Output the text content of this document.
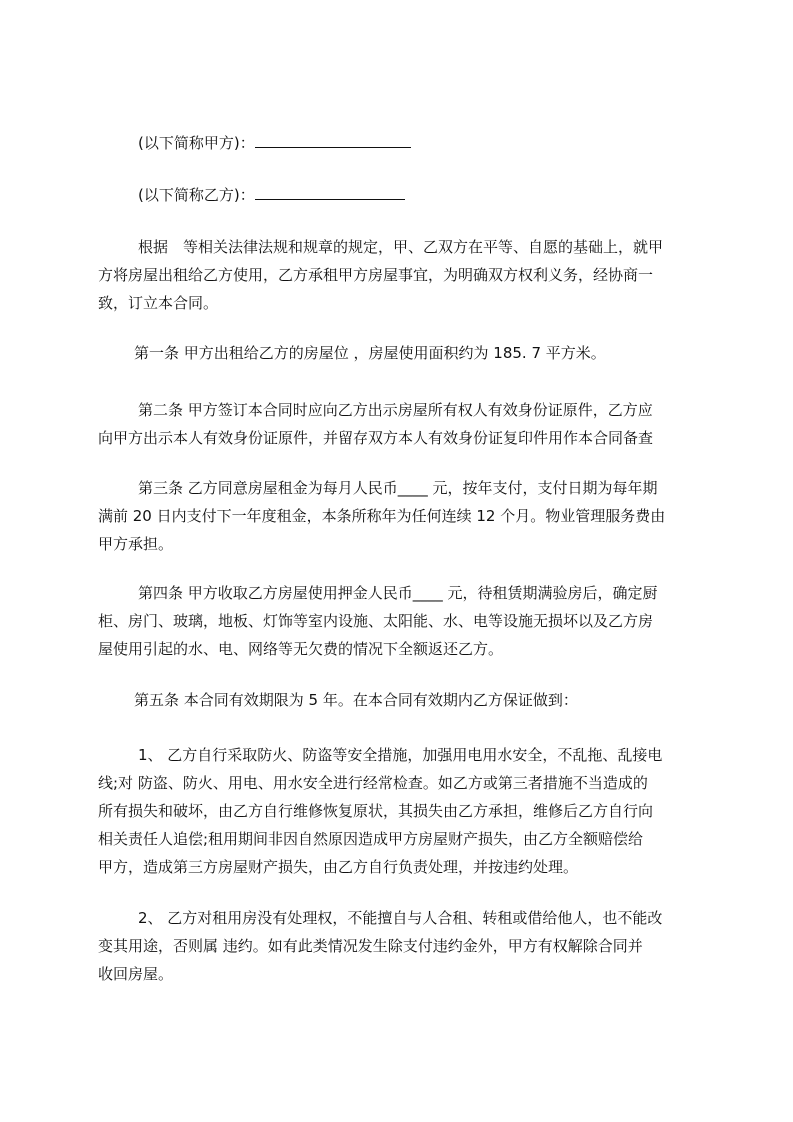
(以下简称甲方)：
(以下简称乙方)：
根据　等相关法律法规和规章的规定，甲、乙双方在平等、自愿的基础上，就甲
方将房屋出租给乙方使用，乙方承租甲方房屋事宜，为明确双方权利义务，经协商一
致，订立本合同。
第一条 甲方出租给乙方的房屋位 ，房屋使用面积约为 185. 7 平方米。
第二条 甲方签订本合同时应向乙方出示房屋所有权人有效身份证原件，乙方应
向甲方出示本人有效身份证原件，并留存双方本人有效身份证复印件用作本合同备查
第三条 乙方同意房屋租金为每月人民币____ 元，按年支付，支付日期为每年期
满前 20 日内支付下一年度租金，本条所称年为任何连续 12 个月。物业管理服务费由
甲方承担。
第四条 甲方收取乙方房屋使用押金人民币____ 元，待租赁期满验房后，确定厨
柜、房门、玻璃，地板、灯饰等室内设施、太阳能、水、电等设施无损坏以及乙方房
屋使用引起的水、电、网络等无欠费的情况下全额返还乙方。
第五条 本合同有效期限为 5 年。在本合同有效期内乙方保证做到：
1、 乙方自行采取防火、防盗等安全措施，加强用电用水安全，不乱拖、乱接电
线;对 防盗、防火、用电、用水安全进行经常检查。如乙方或第三者措施不当造成的
所有损失和破坏，由乙方自行维修恢复原状，其损失由乙方承担，维修后乙方自行向
相关责任人追偿;租用期间非因自然原因造成甲方房屋财产损失，由乙方全额赔偿给
甲方，造成第三方房屋财产损失，由乙方自行负责处理，并按违约处理。
2、 乙方对租用房没有处理权，不能擅自与人合租、转租或借给他人，也不能改
变其用途，否则属 违约。如有此类情况发生除支付违约金外，甲方有权解除合同并
收回房屋。
